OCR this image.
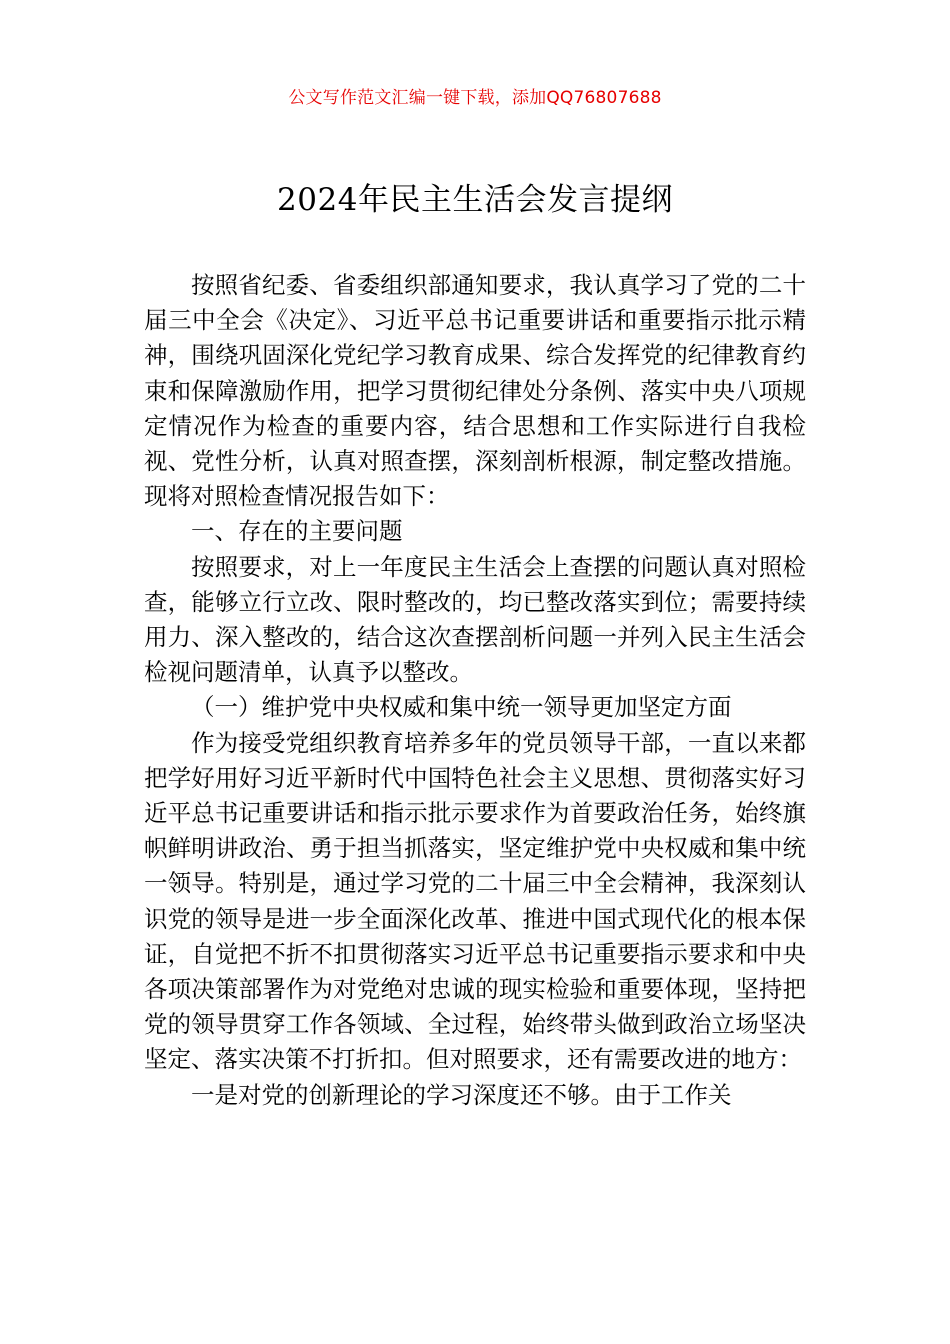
公文写作范文汇编一键下载，添加QQ76807688
2024年民主生活会发言提纲

按照省纪委、省委组织部通知要求，我认真学习了党的二十届三中全会《决定》、习近平总书记重要讲话和重要指示批示精神，围绕巩固深化党纪学习教育成果、综合发挥党的纪律教育约束和保障激励作用，把学习贯彻纪律处分条例、落实中央八项规定情况作为检查的重要内容，结合思想和工作实际进行自我检视、党性分析，认真对照查摆，深刻剖析根源，制定整改措施。现将对照检查情况报告如下：

一、存在的主要问题

按照要求，对上一年度民主生活会上查摆的问题认真对照检查，能够立行立改、限时整改的，均已整改落实到位；需要持续用力、深入整改的，结合这次查摆剖析问题一并列入民主生活会检视问题清单，认真予以整改。

（一）维护党中央权威和集中统一领导更加坚定方面

作为接受党组织教育培养多年的党员领导干部，一直以来都把学好用好习近平新时代中国特色社会主义思想、贯彻落实好习近平总书记重要讲话和指示批示要求作为首要政治任务，始终旗帜鲜明讲政治、勇于担当抓落实，坚定维护党中央权威和集中统一领导。特别是，通过学习党的二十届三中全会精神，我深刻认识党的领导是进一步全面深化改革、推进中国式现代化的根本保证，自觉把不折不扣贯彻落实习近平总书记重要指示要求和中央各项决策部署作为对党绝对忠诚的现实检验和重要体现，坚持把党的领导贯穿工作各领域、全过程，始终带头做到政治立场坚决坚定、落实决策不打折扣。但对照要求，还有需要改进的地方：

一是对党的创新理论的学习深度还不够。由于工作关
